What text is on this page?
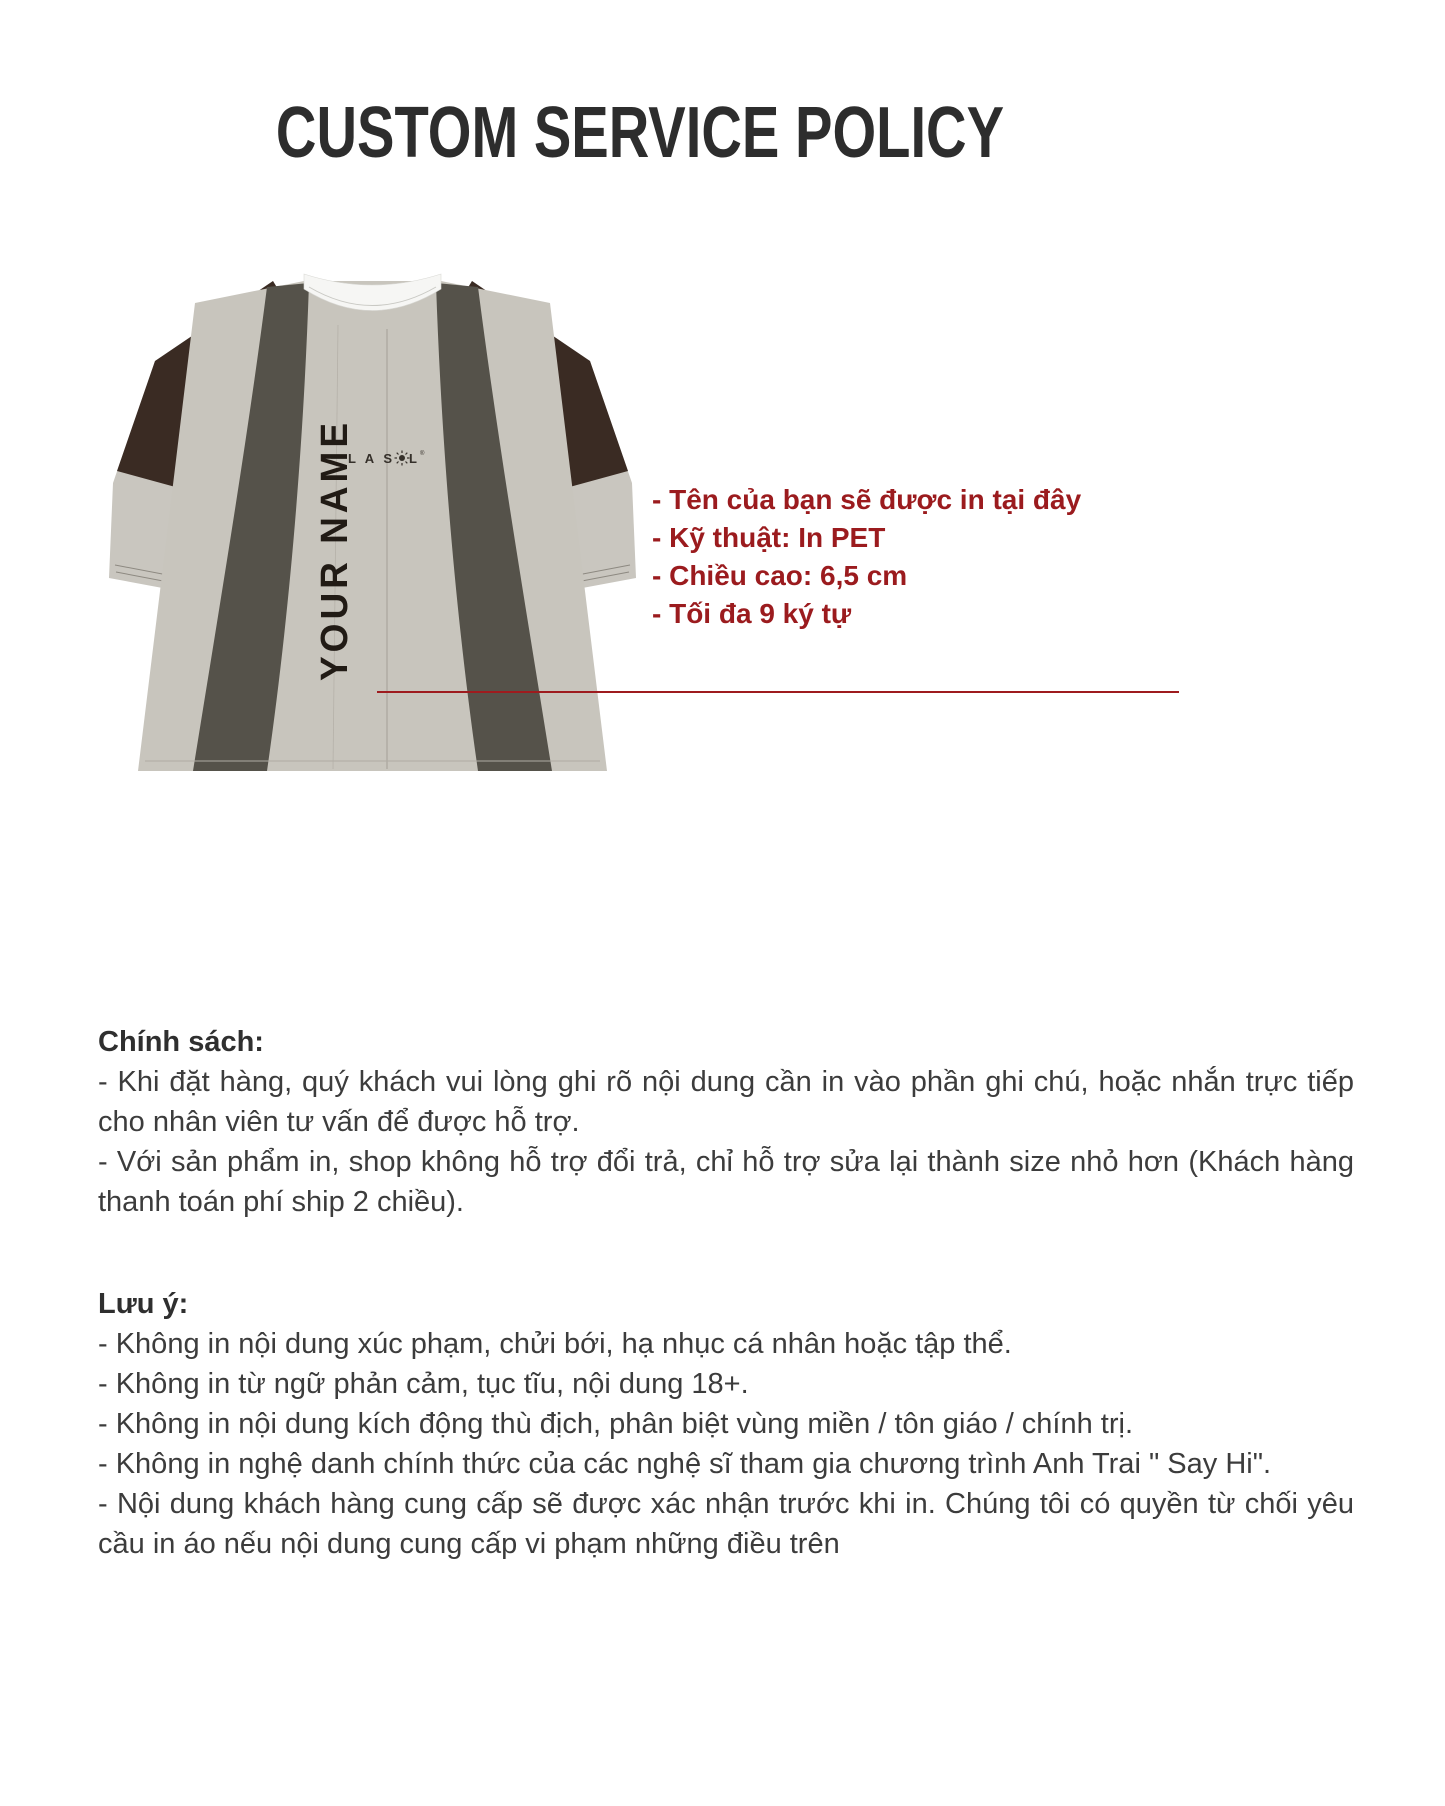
CUSTOM SERVICE POLICY
L A S L ®
YOUR NAME	- Tên của bạn sẽ được in tại đây
- Kỹ thuật: In PET
- Chiều cao: 6,5 cm
- Tối đa 9 ký tự
Chính sách:

- Khi đặt hàng, quý khách vui lòng ghi rõ nội dung cần in vào phần ghi chú, hoặc nhắn trực tiếp cho nhân viên tư vấn để được hỗ trợ.

- Với sản phẩm in, shop không hỗ trợ đổi trả, chỉ hỗ trợ sửa lại thành size nhỏ hơn (Khách hàng thanh toán phí ship 2 chiều).

Lưu ý:

- Không in nội dung xúc phạm, chửi bới, hạ nhục cá nhân hoặc tập thể.

- Không in từ ngữ phản cảm, tục tĩu, nội dung 18+.

- Không in nội dung kích động thù địch, phân biệt vùng miền / tôn giáo / chính trị.

- Không in nghệ danh chính thức của các nghệ sĩ tham gia chương trình Anh Trai " Say Hi".

- Nội dung khách hàng cung cấp sẽ được xác nhận trước khi in. Chúng tôi có quyền từ chối yêu cầu in áo nếu nội dung cung cấp vi phạm những điều trên
